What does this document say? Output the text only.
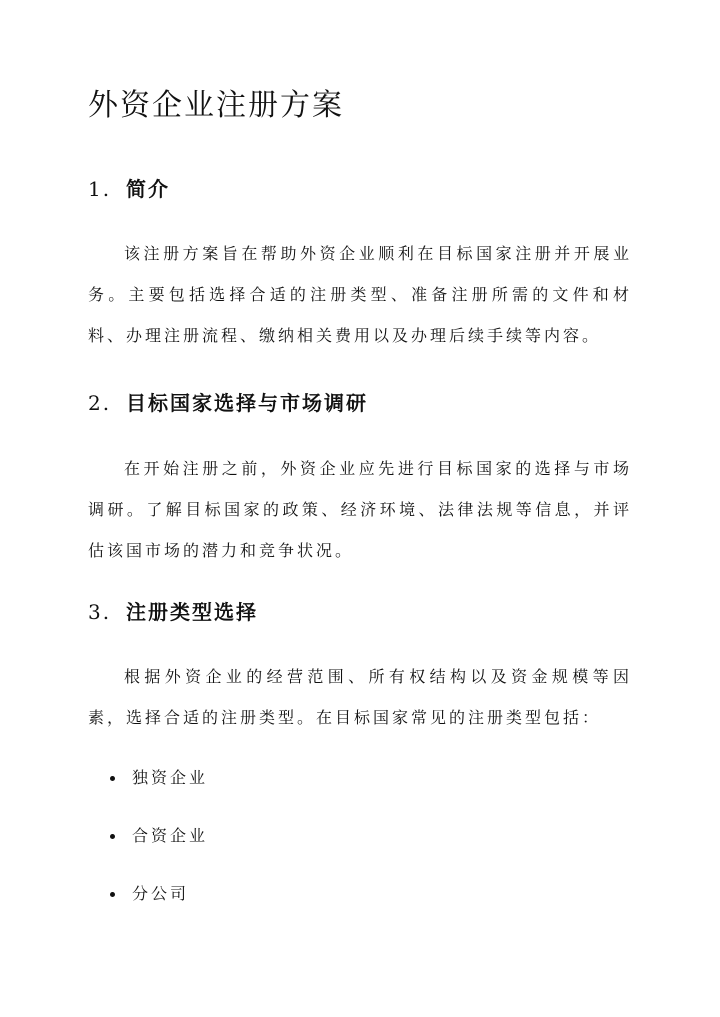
外资企业注册方案
1. 简介

该注册方案旨在帮助外资企业顺利在目标国家注册并开展业务。主要包括选择合适的注册类型、准备注册所需的文件和材料、办理注册流程、缴纳相关费用以及办理后续手续等内容。

2. 目标国家选择与市场调研

在开始注册之前，外资企业应先进行目标国家的选择与市场调研。了解目标国家的政策、经济环境、法律法规等信息，并评估该国市场的潜力和竞争状况。

3. 注册类型选择

根据外资企业的经营范围、所有权结构以及资金规模等因素，选择合适的注册类型。在目标国家常见的注册类型包括：

独资企业
合资企业
分公司
